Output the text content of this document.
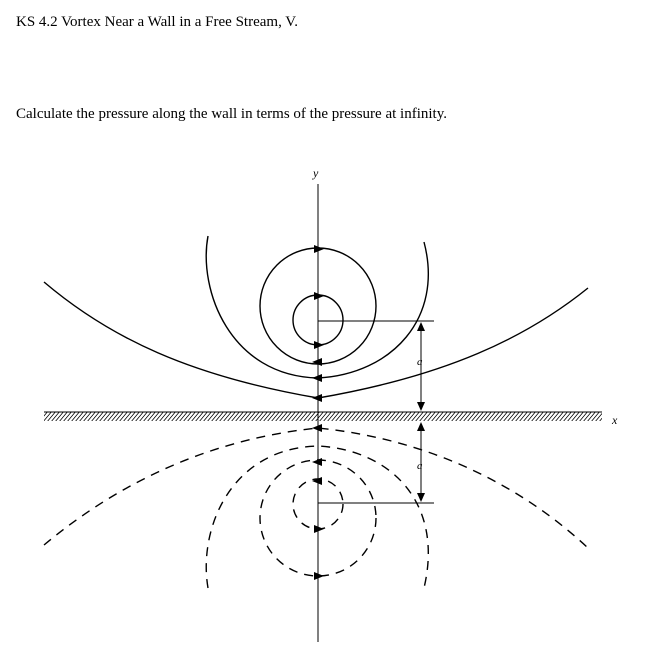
KS 4.2 Vortex Near a Wall in a Free Stream, V.
Calculate the pressure along the wall in terms of the pressure at infinity.
y
x
a
a
